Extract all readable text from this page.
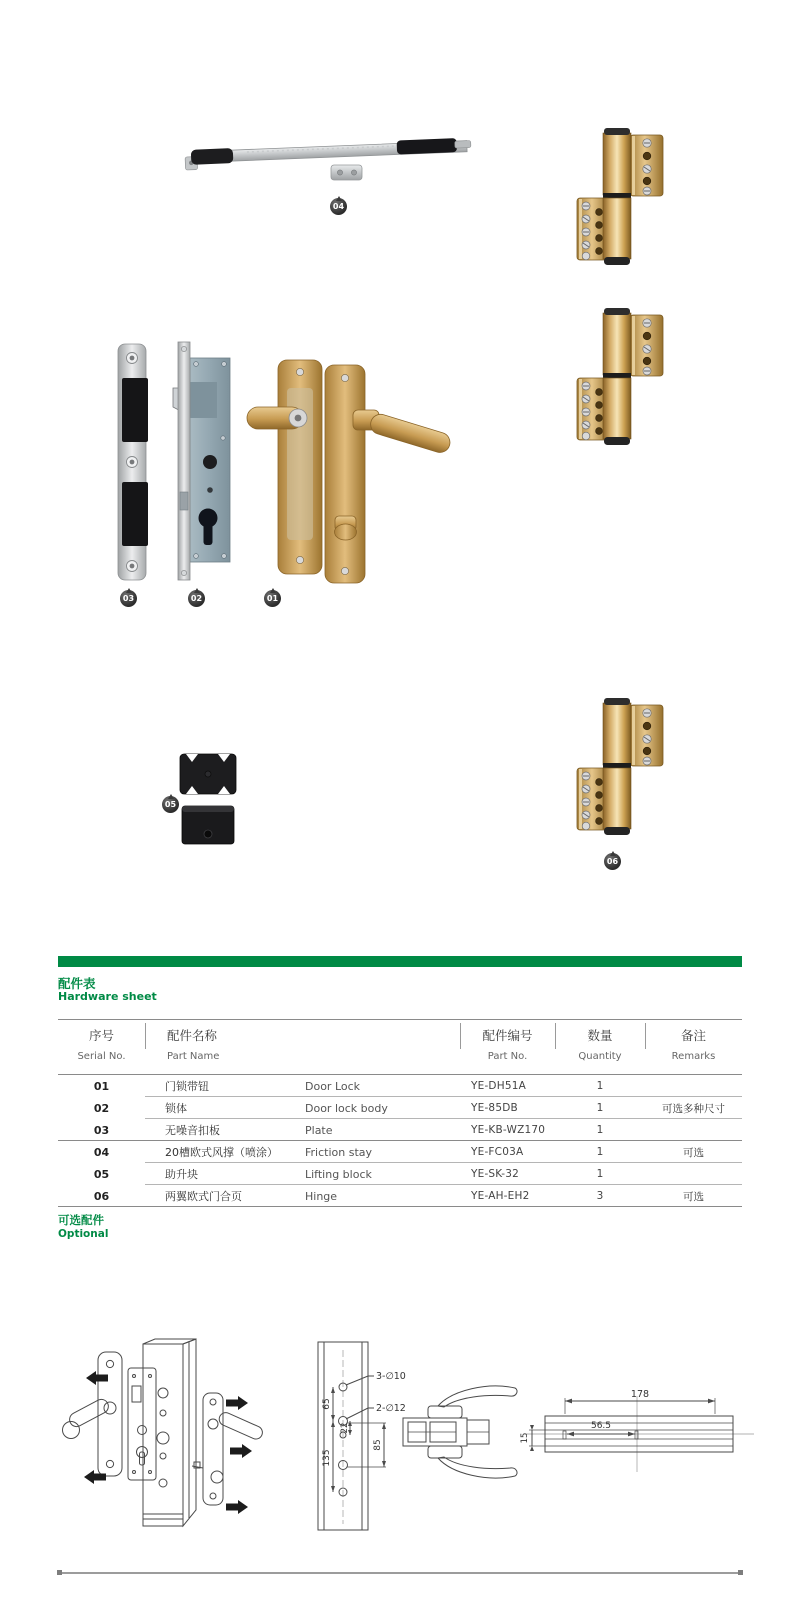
04
03	02	01
05
06
配件表
Hardware sheet
序号	配件名称	配件编号	数量	备注
Serial No.	Part Name	Part No.	Quantity	Remarks
01	门锁带钮	Door Lock	YE-DH51A	1
02	锁体	Door lock body	YE-85DB	1	可选多种尺寸
03	无噪音扣板	Plate	YE-KB-WZ170	1
04	20槽欧式风撑（喷涂）	Friction stay	YE-FC03A	1	可选
05	助升块	Lifting block	YE-SK-32	1
06	两翼欧式门合页	Hinge	YE-AH-EH2	3	可选
可选配件
Optional
3-∅10
2-∅12
65
22
135
85
178
56.5
15
